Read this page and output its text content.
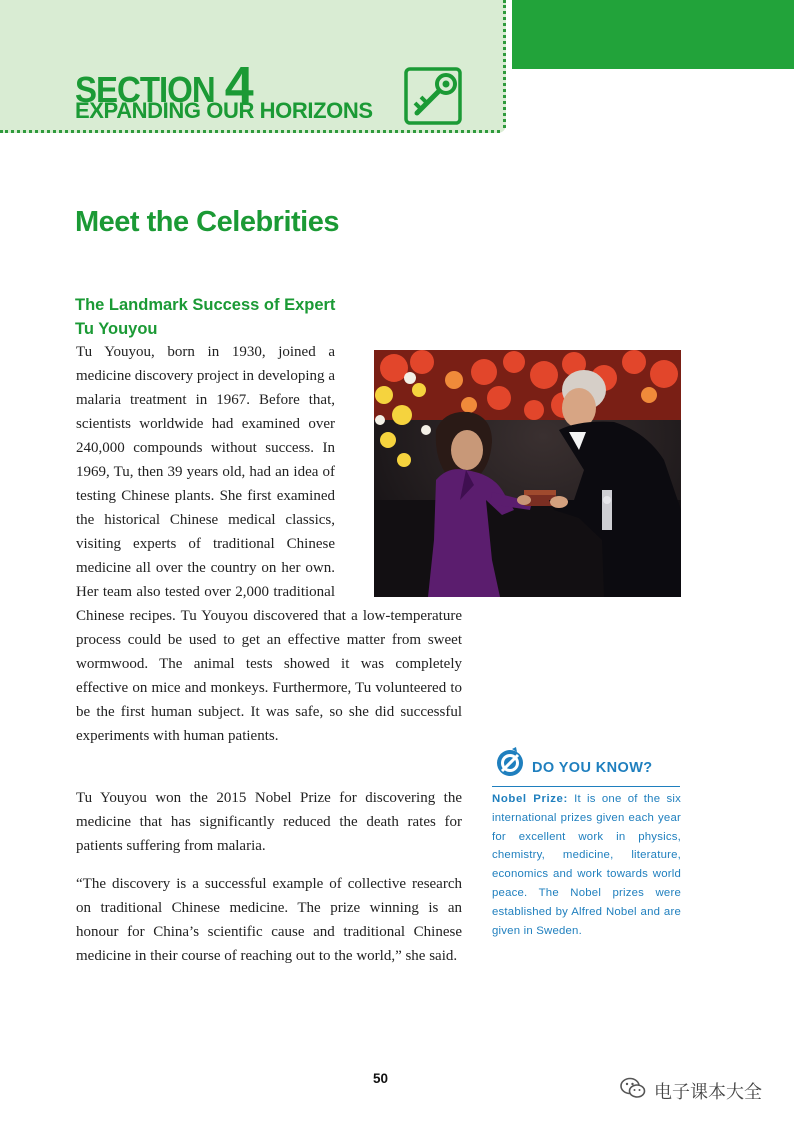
SECTION 4
EXPANDING OUR HORIZONS
Meet the Celebrities
The Landmark Success of Expert
Tu Youyou
Tu Youyou, born in 1930, joined a medicine discovery project in developing a malaria treatment in 1967. Before that, scientists worldwide had examined over 240,000 compounds without success. In 1969, Tu, then 39 years old, had an idea of testing Chinese plants. She first examined the historical Chinese medical classics, visiting experts of traditional Chinese medicine all over the country on her own. Her team also tested over 2,000 traditional Chinese recipes. Tu Youyou discovered that a low-temperature process could be used to get an effective matter from sweet wormwood. The animal tests showed it was completely effective on mice and monkeys. Furthermore, Tu volunteered to be the first human subject. It was safe, so she did successful experiments with human patients.
Tu Youyou won the 2015 Nobel Prize for discovering the medicine that has significantly reduced the death rates for patients suffering from malaria.
“The discovery is a successful example of collective research on traditional Chinese medicine. The prize winning is an honour for China’s scientific cause and traditional Chinese medicine in their course of reaching out to the world,” she said.
DO YOU KNOW?

Nobel Prize: It is one of the six international prizes given each year for excellent work in physics, chemistry, medicine, literature, economics and work towards world peace. The Nobel prizes were established by Alfred Nobel and are given in Sweden.

50
电子课本大全
